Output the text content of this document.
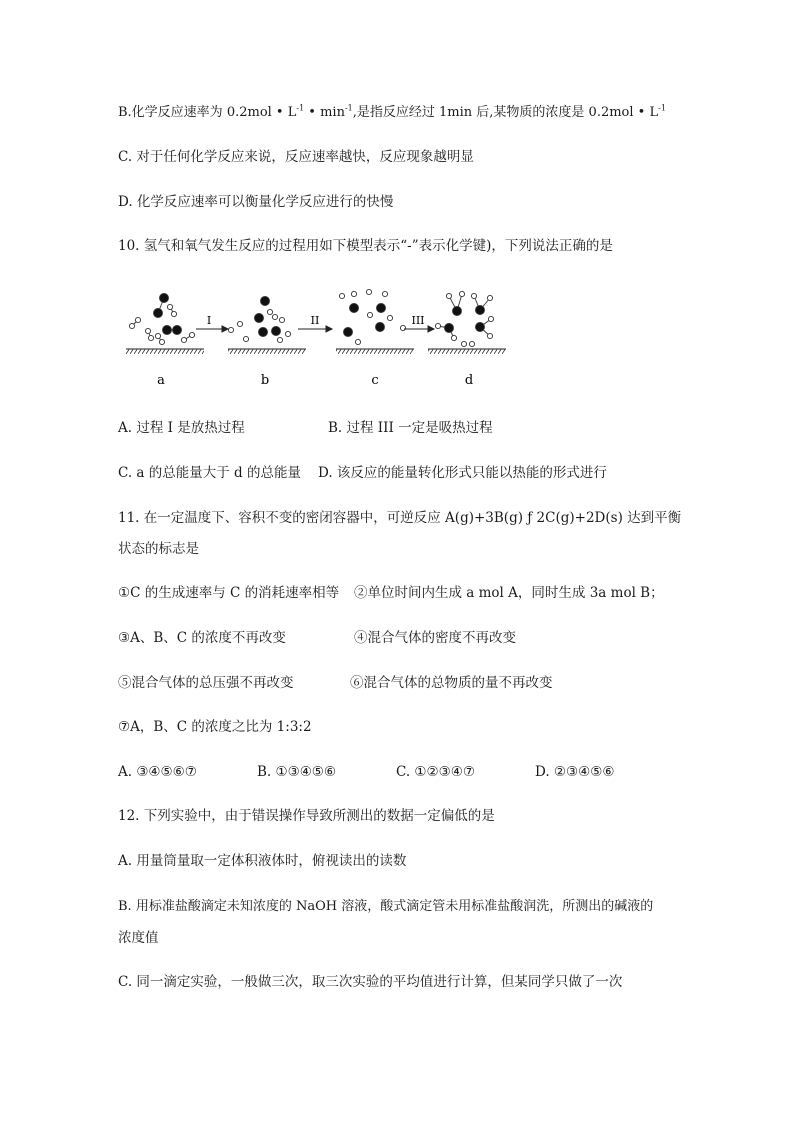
B.化学反应速率为 0.2mol • $L^{-1}$ • $\min^{-1}$,是指反应经过 1min 后,某物质的浓度是 0.2mol • $L^{-1}$
C. 对于任何化学反应来说，反应速率越快，反应现象越明显
D. 化学反应速率可以衡量化学反应进行的快慢
10. 氢气和氧气发生反应的过程用如下模型表示“-”表示化学键)，下列说法正确的是
I	II	III
a	b	c	d
A. 过程 I 是放热过程	B. 过程 III 一定是吸热过程
C. a 的总能量大于 d 的总能量 D. 该反应的能量转化形式只能以热能的形式进行
11. 在一定温度下、容积不变的密闭容器中，可逆反应 A(g)+3B(g) ƒ 2C(g)+2D(s) 达到平衡
状态的标志是
①C 的生成速率与 C 的消耗速率相等 ②单位时间内生成 a mol A，同时生成 3a mol B；
③A、B、C 的浓度不再改变	④混合气体的密度不再改变
⑤混合气体的总压强不再改变	⑥混合气体的总物质的量不再改变
⑦A，B、C 的浓度之比为 1:3:2
A. ③④⑤⑥⑦	B. ①③④⑤⑥	C. ①②③④⑦	D. ②③④⑤⑥
12. 下列实验中，由于错误操作导致所测出的数据一定偏低的是
A. 用量筒量取一定体积液体时，俯视读出的读数
B. 用标准盐酸滴定未知浓度的 NaOH 溶液，酸式滴定管未用标准盐酸润洗，所测出的碱液的
浓度值
C. 同一滴定实验，一般做三次，取三次实验的平均值进行计算，但某同学只做了一次
